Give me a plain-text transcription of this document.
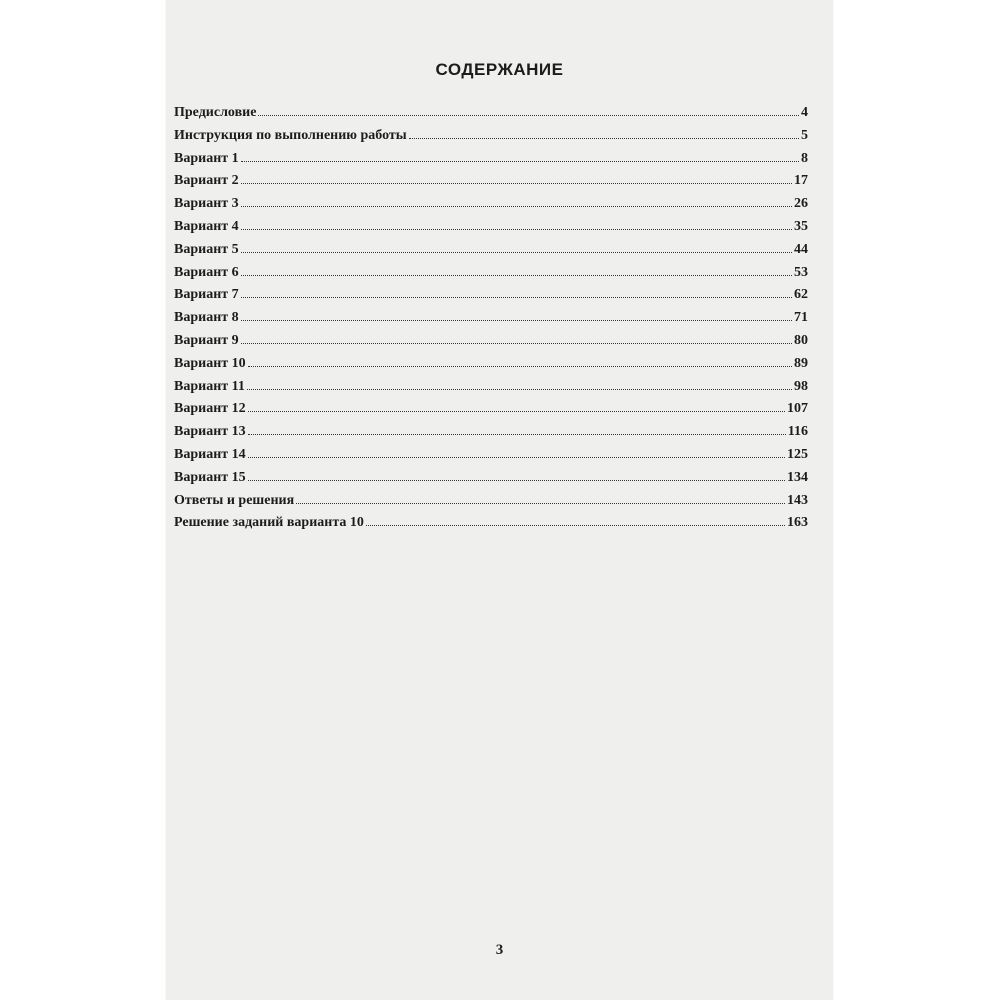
СОДЕРЖАНИЕ
Предисловие	4
Инструкция по выполнению работы	5
Вариант 1	8
Вариант 2	17
Вариант 3	26
Вариант 4	35
Вариант 5	44
Вариант 6	53
Вариант 7	62
Вариант 8	71
Вариант 9	80
Вариант 10	89
Вариант 11	98
Вариант 12	107
Вариант 13	116
Вариант 14	125
Вариант 15	134
Ответы и решения	143
Решение заданий варианта 10	163
3
